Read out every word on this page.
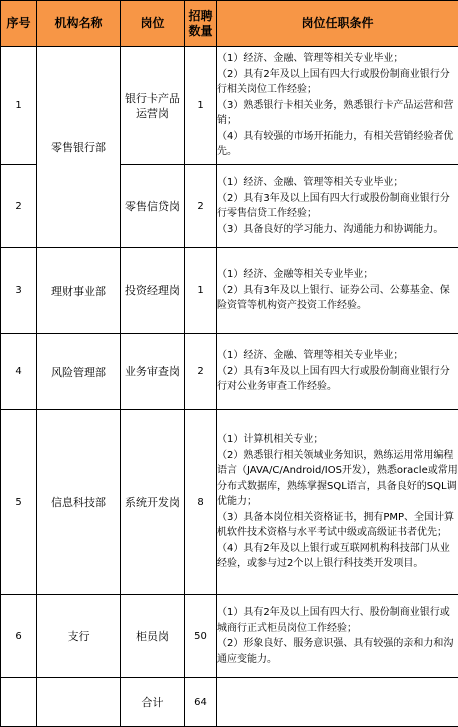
序号	机构名称	岗位	招聘
数量	岗位任职条件
1	零售银行部	银行卡产品运营岗	1	（1）经济、金融、管理等相关专业毕业；
（2）具有2年及以上国有四大行或股份制商业银行分行相关岗位工作经验；
（3）熟悉银行卡相关业务，熟悉银行卡产品运营和营销；
（4）具有较强的市场开拓能力，有相关营销经验者优先。

2		零售信贷岗	2	（1）经济、金融、管理等相关专业毕业；
（2）具有3年及以上国有四大行或股份制商业银行分行零售信贷工作经验；
（3）具备良好的学习能力、沟通能力和协调能力。

3	理财事业部	投资经理岗	1	（1）经济、金融等相关专业毕业；
（2）具有3年及以上银行、证券公司、公募基金、保险资管等机构资产投资工作经验。

4	风险管理部	业务审查岗	2	（1）经济、金融、管理等相关专业毕业；
（2）具有3年及以上国有四大行或股份制商业银行分行对公业务审查工作经验。

5	信息科技部	系统开发岗	8	（1）计算机相关专业；
（2）熟悉银行相关领域业务知识，熟练运用常用编程语言（JAVA/C/Android/IOS开发），熟悉oracle或常用分布式数据库，熟练掌握SQL语言，具备良好的SQL调优能力；
（3）具备本岗位相关资格证书，拥有PMP、全国计算机软件技术资格与水平考试中级或高级证书者优先；
（4）具有2年及以上银行或互联网机构科技部门从业经验，或参与过2个以上银行科技类开发项目。

6	支行	柜员岗	50	（1）具有2年及以上国有四大行、股份制商业银行或城商行正式柜员岗位工作经验；
（2）形象良好、服务意识强、具有较强的亲和力和沟通应变能力。

		合计	64	
